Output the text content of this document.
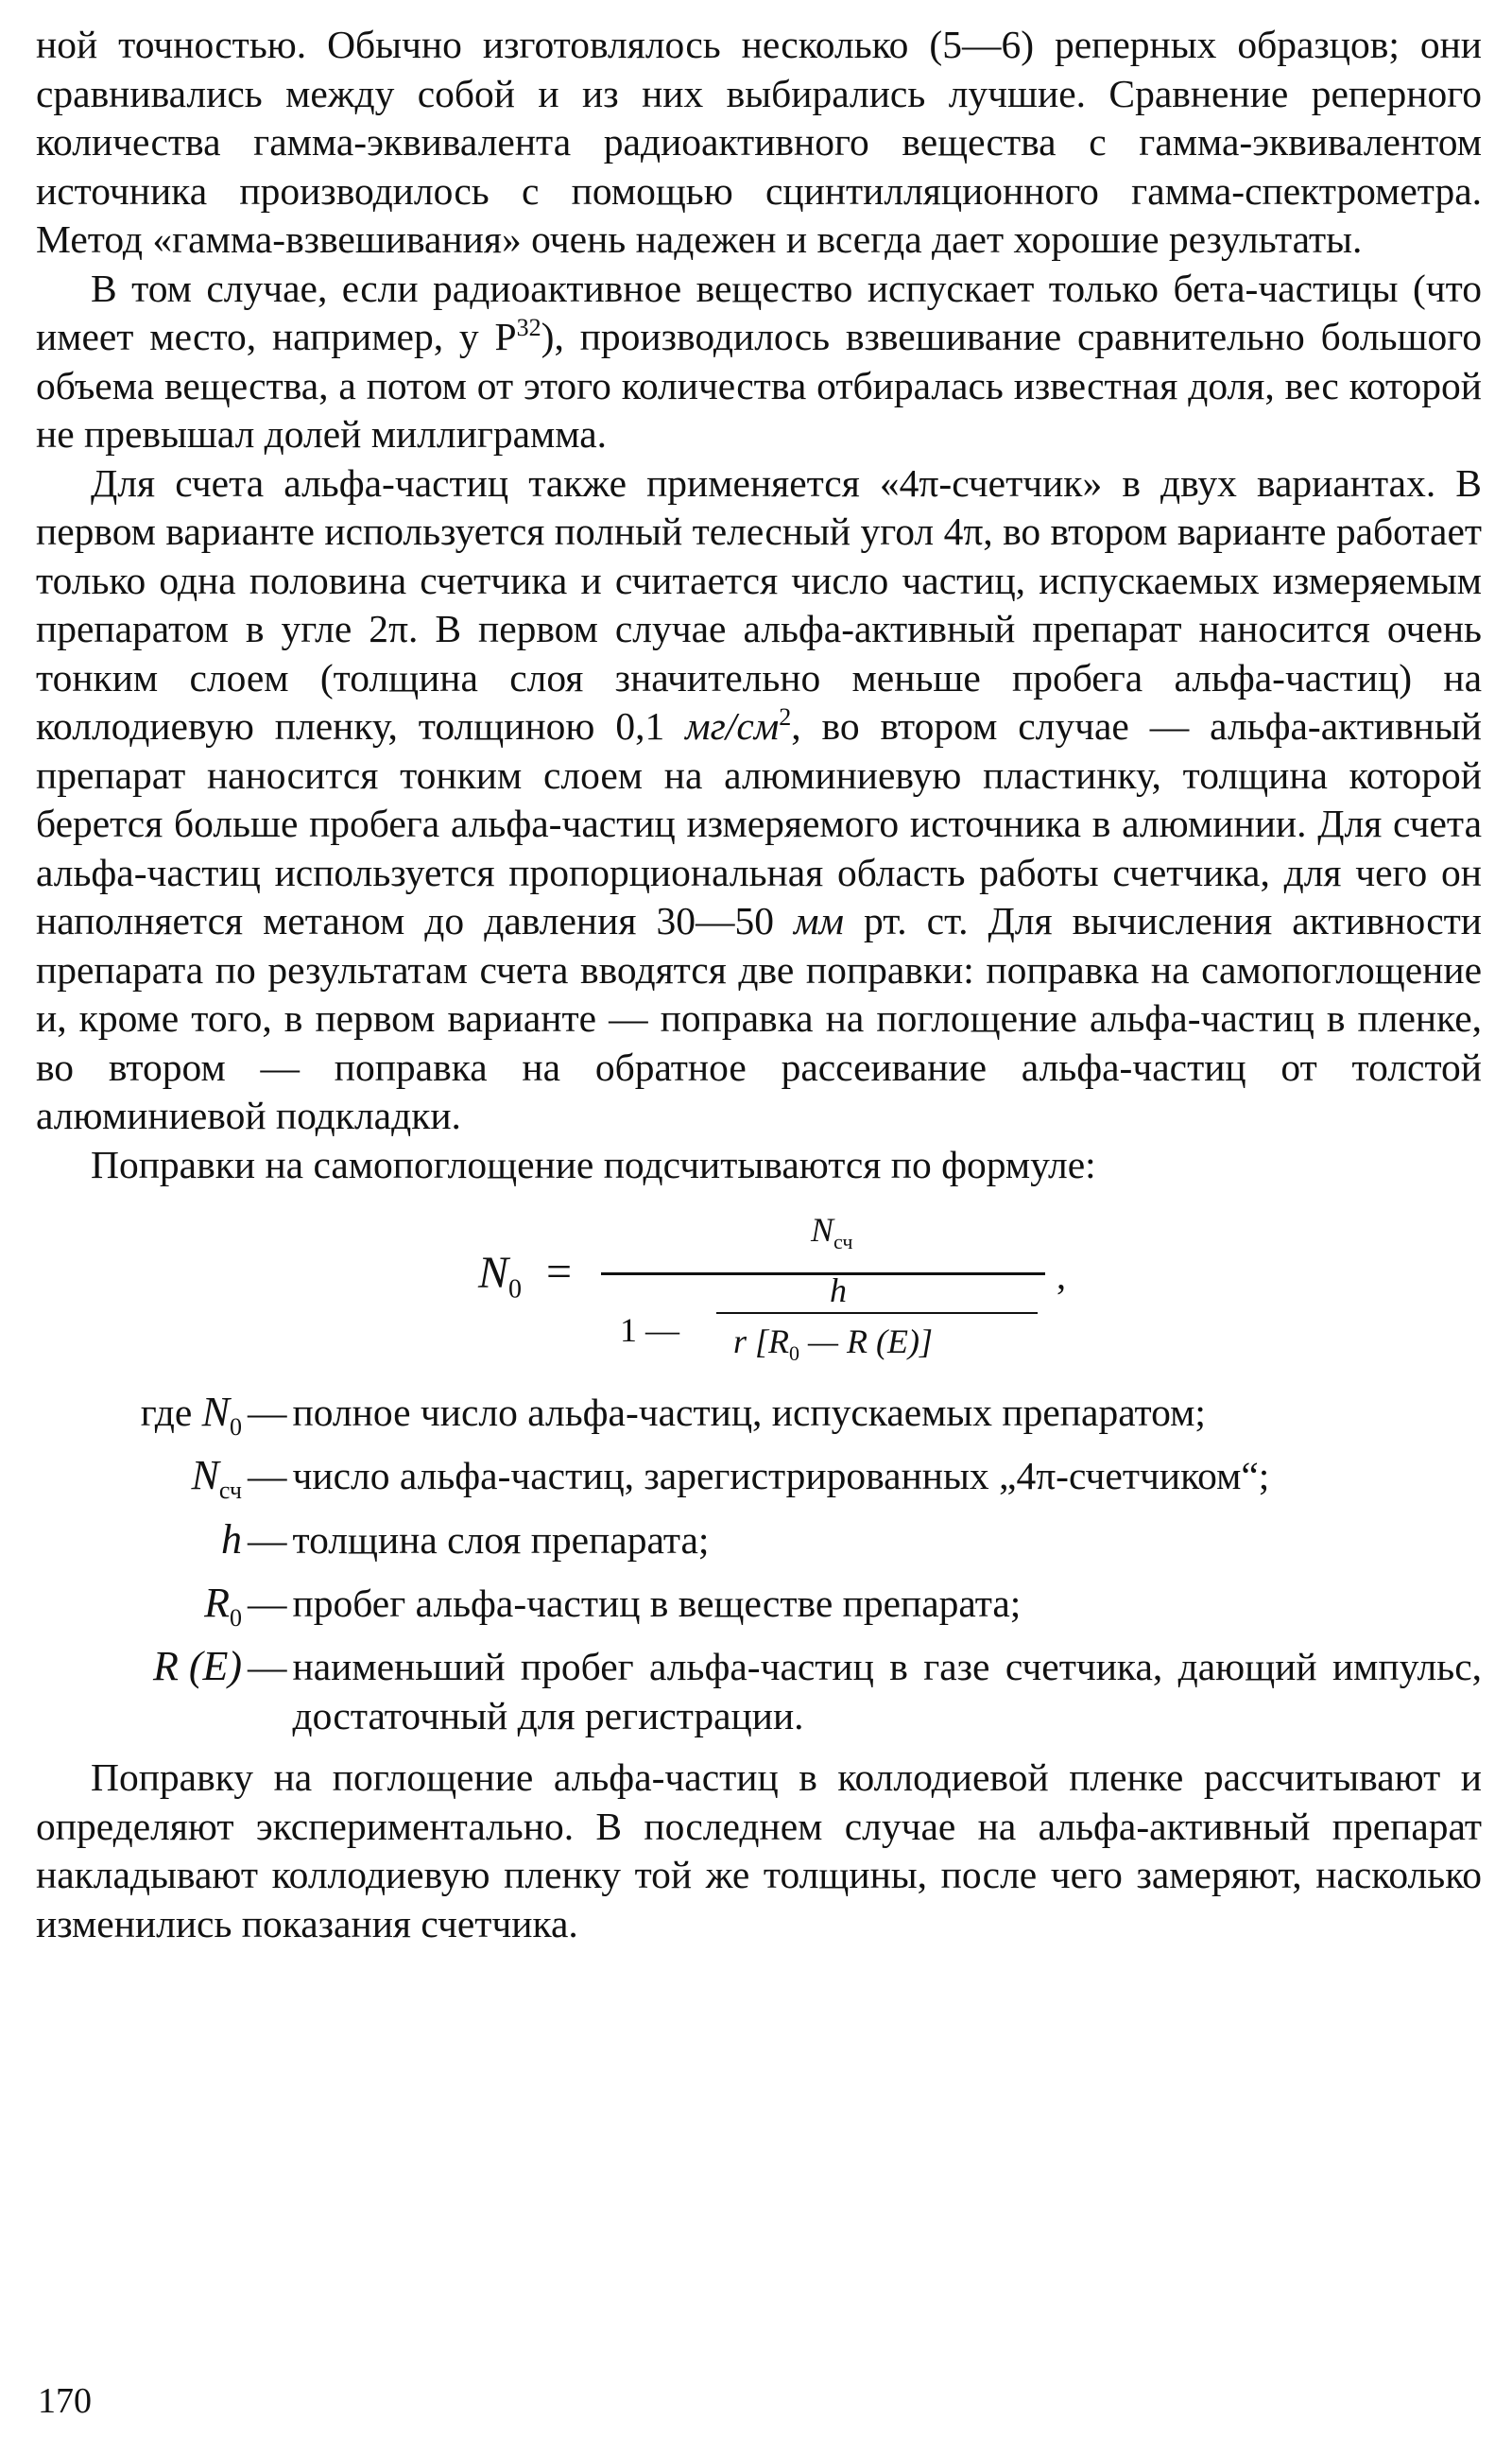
ной точностью. Обычно изготовлялось несколько (5—6) реперных образцов; они сравнивались между собой и из них выбирались лучшие. Сравнение реперного количества гамма-эквивалента радиоактивного вещества с гамма-эквивалентом источника производилось с помощью сцинтилляционного гамма-спектрометра. Метод «гамма-взвешивания» очень надежен и всегда дает хорошие результаты.

В том случае, если радиоактивное вещество испускает только бета-частицы (что имеет место, например, у $P^{32}$), производилось взвешивание сравнительно большого объема вещества, а потом от этого количества отбиралась известная доля, вес которой не превышал долей миллиграмма.

Для счета альфа-частиц также применяется «4π-счетчик» в двух вариантах. В первом варианте используется полный телесный угол 4π, во втором варианте работает только одна половина счетчика и считается число частиц, испускаемых измеряемым препаратом в угле 2π. В первом случае альфа-активный препарат наносится очень тонким слоем (толщина слоя значительно меньше пробега альфа-частиц) на коллодиевую пленку, толщиною 0,1 $мг/см^2$, во втором случае — альфа-активный препарат наносится тонким слоем на алюминиевую пластинку, толщина которой берется больше пробега альфа-частиц измеряемого источника в алюминии. Для счета альфа-частиц используется пропорциональная область работы счетчика, для чего он наполняется метаном до давления 30—50 мм рт. ст. Для вычисления активности препарата по результатам счета вводятся две поправки: поправка на самопоглощение и, кроме того, в первом варианте — поправка на поглощение альфа-частиц в пленке, во втором — поправка на обратное рассеивание альфа-частиц от толстой алюминиевой подкладки.

Поправки на самопоглощение подсчитываются по формуле:

$N_0$ =
$N_{сч}$
,
1 —
h
r [$R_0$ — R (E)]
где $N_0$ — полное число альфа-частиц, испускаемых препаратом;
$N_{сч}$ — число альфа-частиц, зарегистрированных „4π-счетчиком“;
h — толщина слоя препарата;
$R_0$ — пробег альфа-частиц в веществе препарата;
R (E) — наименьший пробег альфа-частиц в газе счетчика, дающий импульс, достаточный для регистрации.

Поправку на поглощение альфа-частиц в коллодиевой пленке рассчитывают и определяют экспериментально. В последнем случае на альфа-активный препарат накладывают коллодиевую пленку той же толщины, после чего замеряют, насколько изменились показания счетчика.

170
